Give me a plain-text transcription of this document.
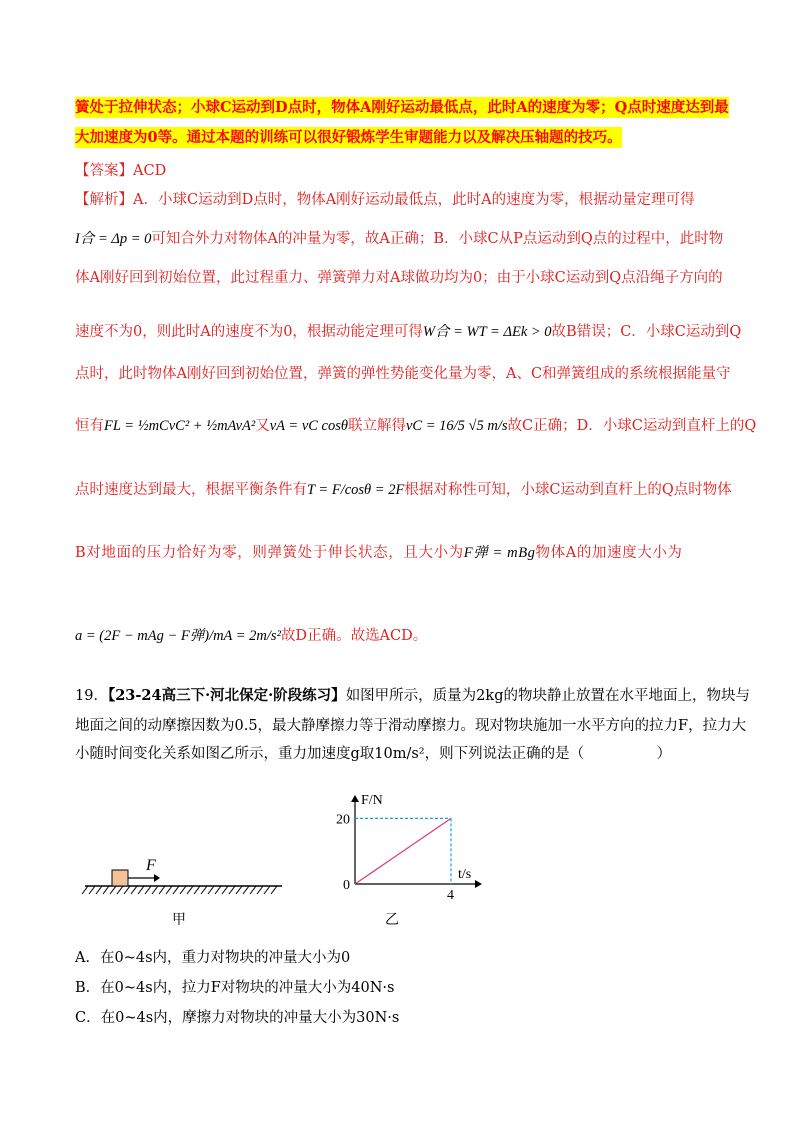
簧处于拉伸状态；小球C运动到D点时，物体A刚好运动最低点，此时A的速度为零；Q点时速度达到最
大加速度为0等。通过本题的训练可以很好锻炼学生审题能力以及解决压轴题的技巧。
【答案】ACD
【解析】A．小球C运动到D点时，物体A刚好运动最低点，此时A的速度为零，根据动量定理可得
I合 = Δp = 0可知合外力对物体A的冲量为零，故A正确；B．小球C从P点运动到Q点的过程中，此时物
体A刚好回到初始位置，此过程重力、弹簧弹力对A球做功均为0；由于小球C运动到Q点沿绳子方向的
速度不为0，则此时A的速度不为0，根据动能定理可得W合 = WT = ΔEk > 0故B错误；C．小球C运动到Q
点时，此时物体A刚好回到初始位置，弹簧的弹性势能变化量为零，A、C和弹簧组成的系统根据能量守
恒有FL = ½mCvC² + ½mAvA²又vA = vC cosθ联立解得vC = 16/5 √5 m/s故C正确；D．小球C运动到直杆上的Q
点时速度达到最大，根据平衡条件有T = F/cosθ = 2F根据对称性可知，小球C运动到直杆上的Q点时物体
B对地面的压力恰好为零，则弹簧处于伸长状态，且大小为F弹 = mBg物体A的加速度大小为
a = (2F − mAg − F弹)/mA = 2m/s²故D正确。故选ACD。
19．【23-24高三下·河北保定·阶段练习】如图甲所示，质量为2kg的物块静止放置在水平地面上，物块与
地面之间的动摩擦因数为0.5，最大静摩擦力等于滑动摩擦力。现对物块施加一水平方向的拉力F，拉力大
小随时间变化关系如图乙所示，重力加速度g取10m/s²，则下列说法正确的是（　　　　　）
F
甲
F/N
t/s
0
4
20
乙
A．在0~4s内，重力对物块的冲量大小为0
B．在0~4s内，拉力F对物块的冲量大小为40N·s
C．在0~4s内，摩擦力对物块的冲量大小为30N·s
